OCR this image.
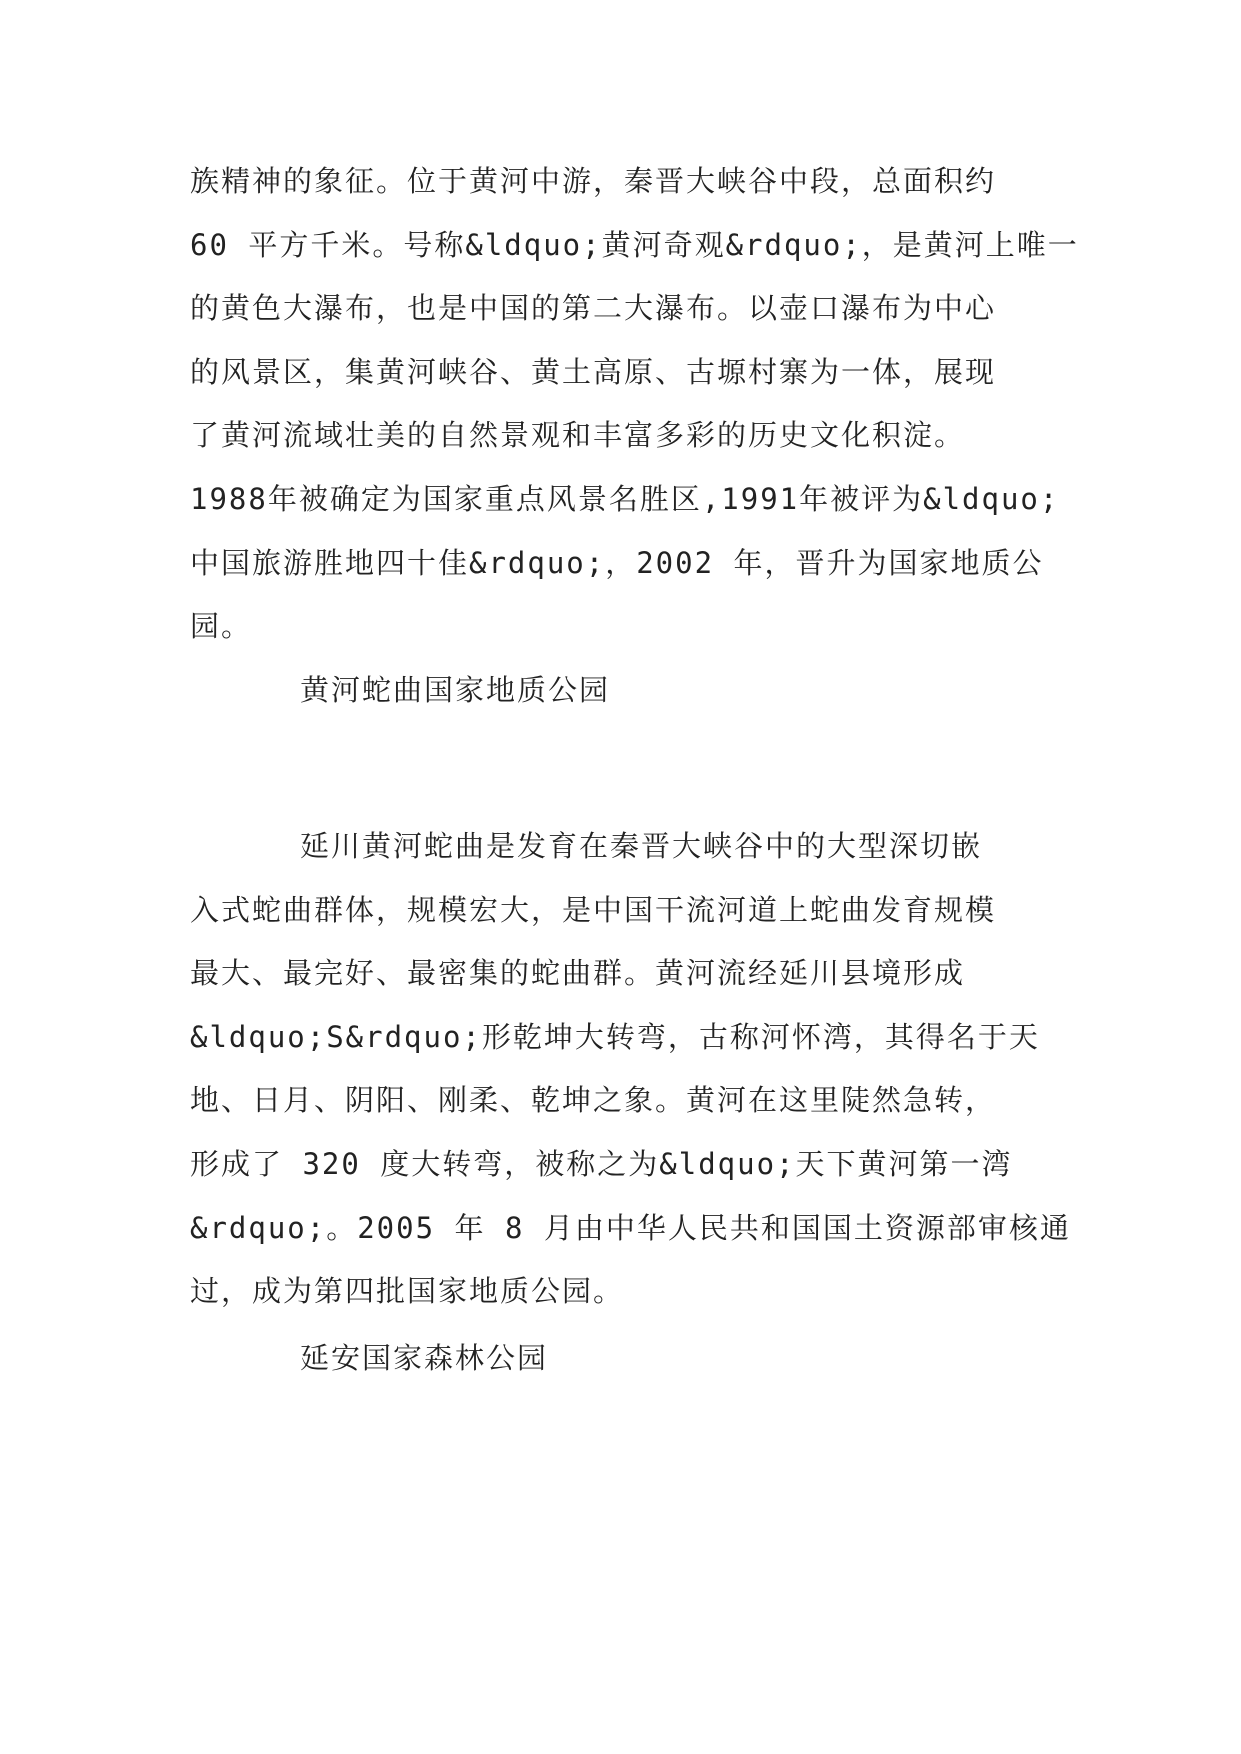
族精神的象征。位于黄河中游，秦晋大峡谷中段，总面积约
60 平方千米。号称&ldquo;黄河奇观&rdquo;，是黄河上唯一
的黄色大瀑布，也是中国的第二大瀑布。以壶口瀑布为中心
的风景区，集黄河峡谷、黄土高原、古塬村寨为一体，展现
了黄河流域壮美的自然景观和丰富多彩的历史文化积淀。
1988年被确定为国家重点风景名胜区,1991年被评为&ldquo;
中国旅游胜地四十佳&rdquo;，2002 年，晋升为国家地质公
园。
黄河蛇曲国家地质公园
延川黄河蛇曲是发育在秦晋大峡谷中的大型深切嵌
入式蛇曲群体，规模宏大，是中国干流河道上蛇曲发育规模
最大、最完好、最密集的蛇曲群。黄河流经延川县境形成
&ldquo;S&rdquo;形乾坤大转弯，古称河怀湾，其得名于天
地、日月、阴阳、刚柔、乾坤之象。黄河在这里陡然急转，
形成了 320 度大转弯，被称之为&ldquo;天下黄河第一湾
&rdquo;。2005 年 8 月由中华人民共和国国土资源部审核通
过，成为第四批国家地质公园。
延安国家森林公园
